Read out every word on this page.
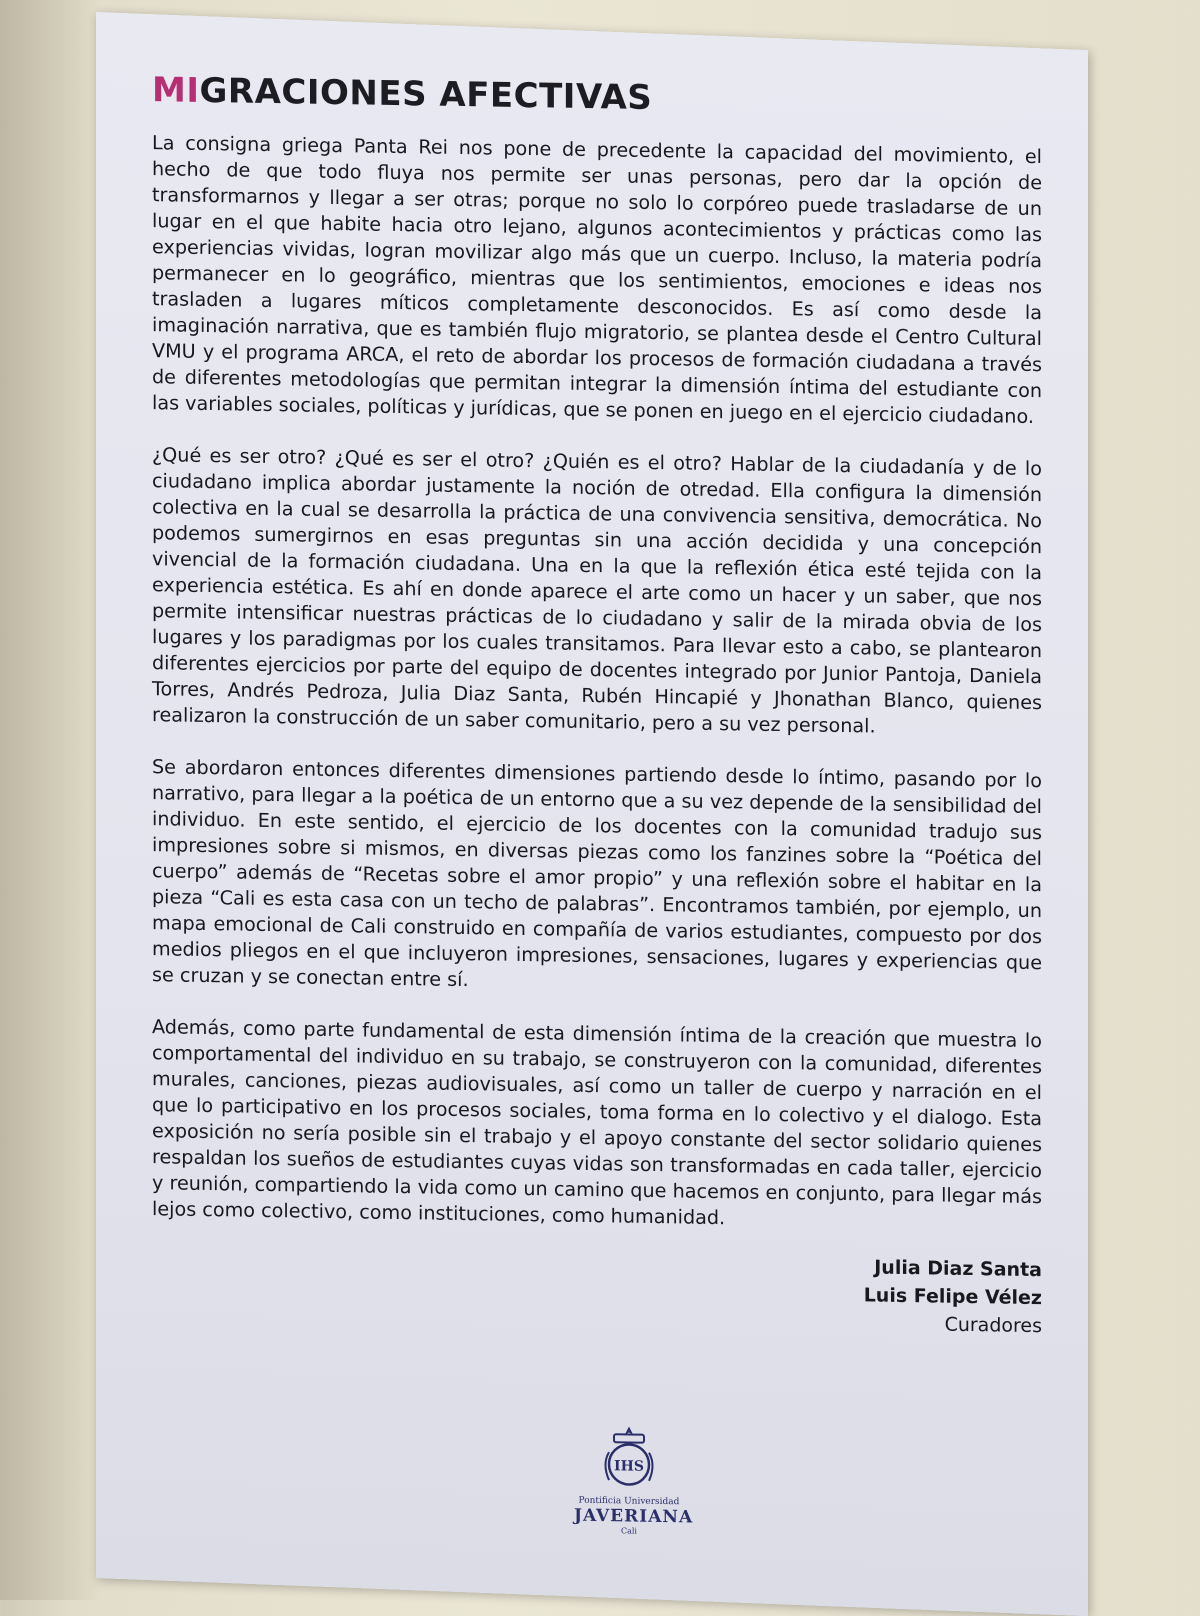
MIGRACIONES AFECTIVAS

La consigna griega Panta Rei nos pone de precedente la capacidad del movimiento, el hecho de que todo fluya nos permite ser unas personas, pero dar la opción de transformarnos y llegar a ser otras; porque no solo lo corpóreo puede trasladarse de un lugar en el que habite hacia otro lejano, algunos acontecimientos y prácticas como las experiencias vividas, logran movilizar algo más que un cuerpo. Incluso, la materia podría permanecer en lo geográfico, mientras que los sentimientos, emociones e ideas nos trasladen a lugares míticos completamente desconocidos. Es así como desde la imaginación narrativa, que es también flujo migratorio, se plantea desde el Centro Cultural VMU y el programa ARCA, el reto de abordar los procesos de formación ciudadana a través de diferentes metodologías que permitan integrar la dimensión íntima del estudiante con las variables sociales, políticas y jurídicas, que se ponen en juego en el ejercicio ciudadano.

¿Qué es ser otro? ¿Qué es ser el otro? ¿Quién es el otro? Hablar de la ciudadanía y de lo ciudadano implica abordar justamente la noción de otredad. Ella configura la dimensión colectiva en la cual se desarrolla la práctica de una convivencia sensitiva, democrática. No podemos sumergirnos en esas preguntas sin una acción decidida y una concepción vivencial de la formación ciudadana. Una en la que la reflexión ética esté tejida con la experiencia estética. Es ahí en donde aparece el arte como un hacer y un saber, que nos permite intensificar nuestras prácticas de lo ciudadano y salir de la mirada obvia de los lugares y los paradigmas por los cuales transitamos. Para llevar esto a cabo, se plantearon diferentes ejercicios por parte del equipo de docentes integrado por Junior Pantoja, Daniela Torres, Andrés Pedroza, Julia Diaz Santa, Rubén Hincapié y Jhonathan Blanco, quienes realizaron la construcción de un saber comunitario, pero a su vez personal.

Se abordaron entonces diferentes dimensiones partiendo desde lo íntimo, pasando por lo narrativo, para llegar a la poética de un entorno que a su vez depende de la sensibilidad del individuo. En este sentido, el ejercicio de los docentes con la comunidad tradujo sus impresiones sobre si mismos, en diversas piezas como los fanzines sobre la “Poética del cuerpo” además de “Recetas sobre el amor propio” y una reflexión sobre el habitar en la pieza “Cali es esta casa con un techo de palabras”. Encontramos también, por ejemplo, un mapa emocional de Cali construido en compañía de varios estudiantes, compuesto por dos medios pliegos en el que incluyeron impresiones, sensaciones, lugares y experiencias que se cruzan y se conectan entre sí.

Además, como parte fundamental de esta dimensión íntima de la creación que muestra lo comportamental del individuo en su trabajo, se construyeron con la comunidad, diferentes murales, canciones, piezas audiovisuales, así como un taller de cuerpo y narración en el que lo participativo en los procesos sociales, toma forma en lo colectivo y el dialogo. Esta exposición no sería posible sin el trabajo y el apoyo constante del sector solidario quienes respaldan los sueños de estudiantes cuyas vidas son transformadas en cada taller, ejercicio y reunión, compartiendo la vida como un camino que hacemos en conjunto, para llegar más lejos como colectivo, como instituciones, como humanidad.

Julia Diaz Santa
Luis Felipe Vélez
Curadores
IHS
Pontificia Universidad
JAVERIANA
Cali
